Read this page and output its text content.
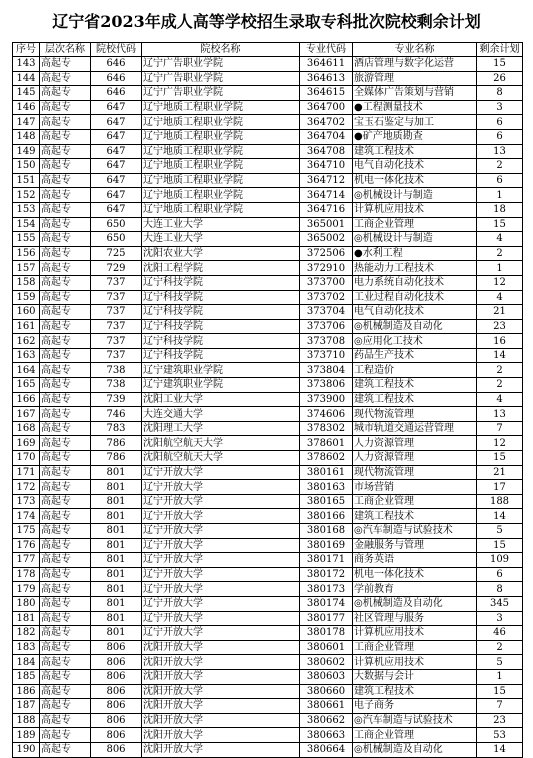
辽宁省2023年成人高等学校招生录取专科批次院校剩余计划
序号	层次名称	院校代码	院校名称	专业代码	专业名称	剩余计划
143	高起专	646	辽宁广告职业学院	364611	酒店管理与数字化运营	15
144	高起专	646	辽宁广告职业学院	364613	旅游管理	26
145	高起专	646	辽宁广告职业学院	364615	全媒体广告策划与营销	8
146	高起专	647	辽宁地质工程职业学院	364700	●工程测量技术	3
147	高起专	647	辽宁地质工程职业学院	364702	宝玉石鉴定与加工	6
148	高起专	647	辽宁地质工程职业学院	364704	●矿产地质勘查	6
149	高起专	647	辽宁地质工程职业学院	364708	建筑工程技术	13
150	高起专	647	辽宁地质工程职业学院	364710	电气自动化技术	2
151	高起专	647	辽宁地质工程职业学院	364712	机电一体化技术	6
152	高起专	647	辽宁地质工程职业学院	364714	◎机械设计与制造	1
153	高起专	647	辽宁地质工程职业学院	364716	计算机应用技术	18
154	高起专	650	大连工业大学	365001	工商企业管理	15
155	高起专	650	大连工业大学	365002	◎机械设计与制造	4
156	高起专	725	沈阳农业大学	372506	●水利工程	2
157	高起专	729	沈阳工程学院	372910	热能动力工程技术	1
158	高起专	737	辽宁科技学院	373700	电力系统自动化技术	12
159	高起专	737	辽宁科技学院	373702	工业过程自动化技术	4
160	高起专	737	辽宁科技学院	373704	电气自动化技术	21
161	高起专	737	辽宁科技学院	373706	◎机械制造及自动化	23
162	高起专	737	辽宁科技学院	373708	◎应用化工技术	16
163	高起专	737	辽宁科技学院	373710	药品生产技术	14
164	高起专	738	辽宁建筑职业学院	373804	工程造价	2
165	高起专	738	辽宁建筑职业学院	373806	建筑工程技术	2
166	高起专	739	沈阳工业大学	373900	建筑工程技术	4
167	高起专	746	大连交通大学	374606	现代物流管理	13
168	高起专	783	沈阳理工大学	378302	城市轨道交通运营管理	7
169	高起专	786	沈阳航空航天大学	378601	人力资源管理	12
170	高起专	786	沈阳航空航天大学	378602	人力资源管理	15
171	高起专	801	辽宁开放大学	380161	现代物流管理	21
172	高起专	801	辽宁开放大学	380163	市场营销	17
173	高起专	801	辽宁开放大学	380165	工商企业管理	188
174	高起专	801	辽宁开放大学	380166	建筑工程技术	14
175	高起专	801	辽宁开放大学	380168	◎汽车制造与试验技术	5
176	高起专	801	辽宁开放大学	380169	金融服务与管理	15
177	高起专	801	辽宁开放大学	380171	商务英语	109
178	高起专	801	辽宁开放大学	380172	机电一体化技术	6
179	高起专	801	辽宁开放大学	380173	学前教育	8
180	高起专	801	辽宁开放大学	380174	◎机械制造及自动化	345
181	高起专	801	辽宁开放大学	380177	社区管理与服务	3
182	高起专	801	辽宁开放大学	380178	计算机应用技术	46
183	高起专	806	沈阳开放大学	380601	工商企业管理	2
184	高起专	806	沈阳开放大学	380602	计算机应用技术	5
185	高起专	806	沈阳开放大学	380603	大数据与会计	1
186	高起专	806	沈阳开放大学	380660	建筑工程技术	15
187	高起专	806	沈阳开放大学	380661	电子商务	7
188	高起专	806	沈阳开放大学	380662	◎汽车制造与试验技术	23
189	高起专	806	沈阳开放大学	380663	工商企业管理	53
190	高起专	806	沈阳开放大学	380664	◎机械制造及自动化	14
